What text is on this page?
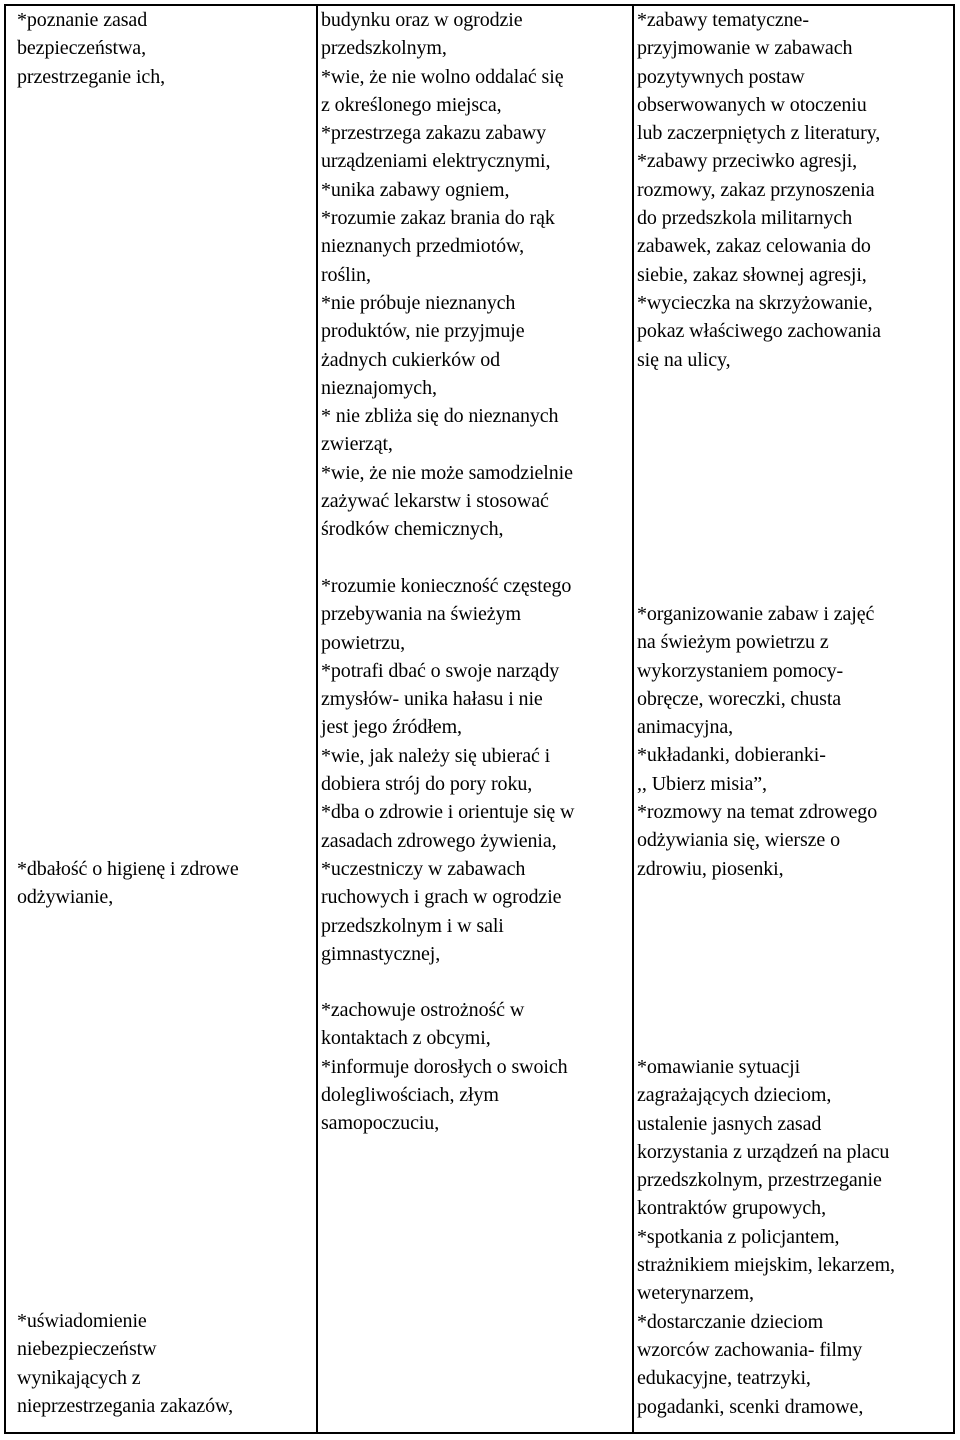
*poznanie zasad
bezpieczeństwa,
przestrzeganie ich,
*dbałość o higienę i zdrowe
odżywianie,
*uświadomienie
niebezpieczeństw
wynikających z
nieprzestrzegania zakazów,
budynku oraz w ogrodzie
przedszkolnym,
*wie, że nie wolno oddalać się
z określonego miejsca,
*przestrzega zakazu zabawy
urządzeniami elektrycznymi,
*unika zabawy ogniem,
*rozumie zakaz brania do rąk
nieznanych przedmiotów,
roślin,
*nie próbuje nieznanych
produktów, nie przyjmuje
żadnych cukierków od
nieznajomych,
* nie zbliża się do nieznanych
zwierząt,
*wie, że nie może samodzielnie
zażywać lekarstw i stosować
środków chemicznych,
*rozumie konieczność częstego
przebywania na świeżym
powietrzu,
*potrafi dbać o swoje narządy
zmysłów- unika hałasu i nie
jest jego źródłem,
*wie, jak należy się ubierać i
dobiera strój do pory roku,
*dba o zdrowie i orientuje się w
zasadach zdrowego żywienia,
*uczestniczy w zabawach
ruchowych i grach w ogrodzie
przedszkolnym i w sali
gimnastycznej,
*zachowuje ostrożność w
kontaktach z obcymi,
*informuje dorosłych o swoich
dolegliwościach, złym
samopoczuciu,
*zabawy tematyczne-
przyjmowanie w zabawach
pozytywnych postaw
obserwowanych w otoczeniu
lub zaczerpniętych z literatury,
*zabawy przeciwko agresji,
rozmowy, zakaz przynoszenia
do przedszkola militarnych
zabawek, zakaz celowania do
siebie, zakaz słownej agresji,
*wycieczka na skrzyżowanie,
pokaz właściwego zachowania
się na ulicy,
*organizowanie zabaw i zajęć
na świeżym powietrzu z
wykorzystaniem pomocy-
obręcze, woreczki, chusta
animacyjna,
*układanki, dobieranki-
,, Ubierz misia”,
*rozmowy na temat zdrowego
odżywiania się, wiersze o
zdrowiu, piosenki,
*omawianie sytuacji
zagrażających dzieciom,
ustalenie jasnych zasad
korzystania z urządzeń na placu
przedszkolnym, przestrzeganie
kontraktów grupowych,
*spotkania z policjantem,
strażnikiem miejskim, lekarzem,
weterynarzem,
*dostarczanie dzieciom
wzorców zachowania- filmy
edukacyjne, teatrzyki,
pogadanki, scenki dramowe,
